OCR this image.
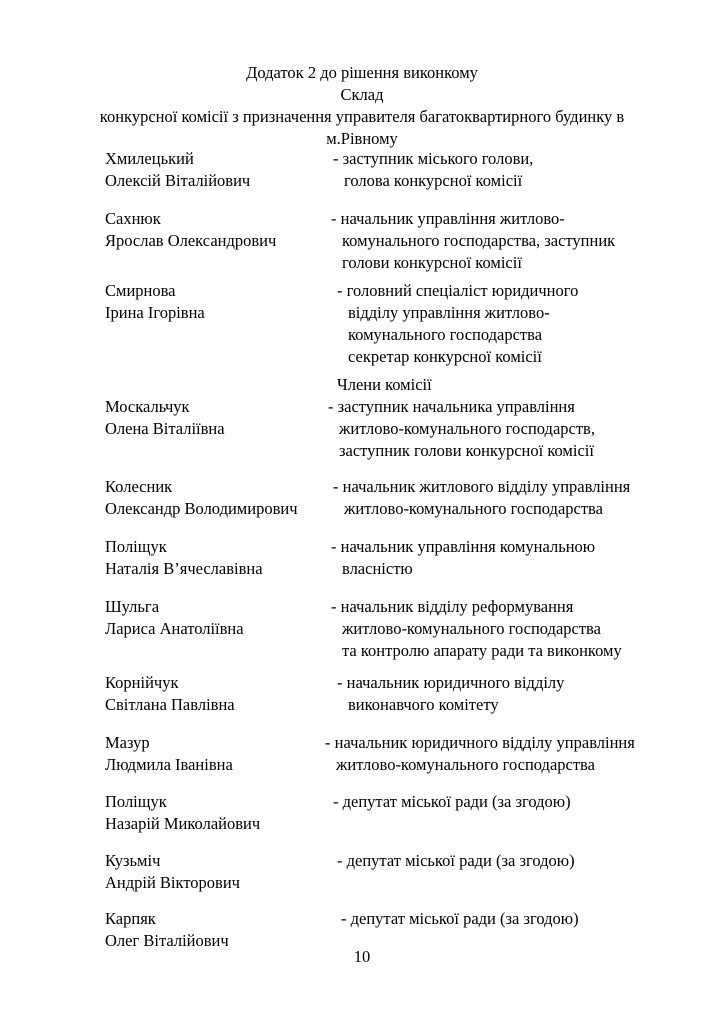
Додаток 2 до рішення виконкому
Склад
конкурсної комісії з призначення управителя багатоквартирного будинку в
м.Рівному
Хмилецький
Олексій Віталійович
- заступник міського голови,
голова конкурсної комісії
Сахнюк
Ярослав Олександрович
- начальник управління житлово-
комунального господарства, заступник
голови конкурсної комісії
Смирнова
Ірина Ігорівна
- головний спеціаліст юридичного
відділу управління житлово-
комунального господарства
секретар конкурсної комісії
Члени комісії
Москальчук
Олена Віталіївна
- заступник начальника управління
житлово-комунального господарств,
заступник голови конкурсної комісії
Колесник
Олександр Володимирович
- начальник житлового відділу управління
житлово-комунального господарства
Поліщук
Наталія В’ячеславівна
- начальник управління комунальною
власністю
Шульга
Лариса Анатоліївна
- начальник відділу реформування
житлово-комунального господарства
та контролю апарату ради та виконкому
Корнійчук
Світлана Павлівна
- начальник юридичного відділу
виконавчого комітету
Мазур
Людмила Іванівна
- начальник юридичного відділу управління
житлово-комунального господарства
Поліщук
Назарій Миколайович
- депутат міської ради (за згодою)
Кузьміч
Андрій Вікторович
- депутат міської ради (за згодою)
Карпяк
Олег Віталійович
- депутат міської ради (за згодою)
10
